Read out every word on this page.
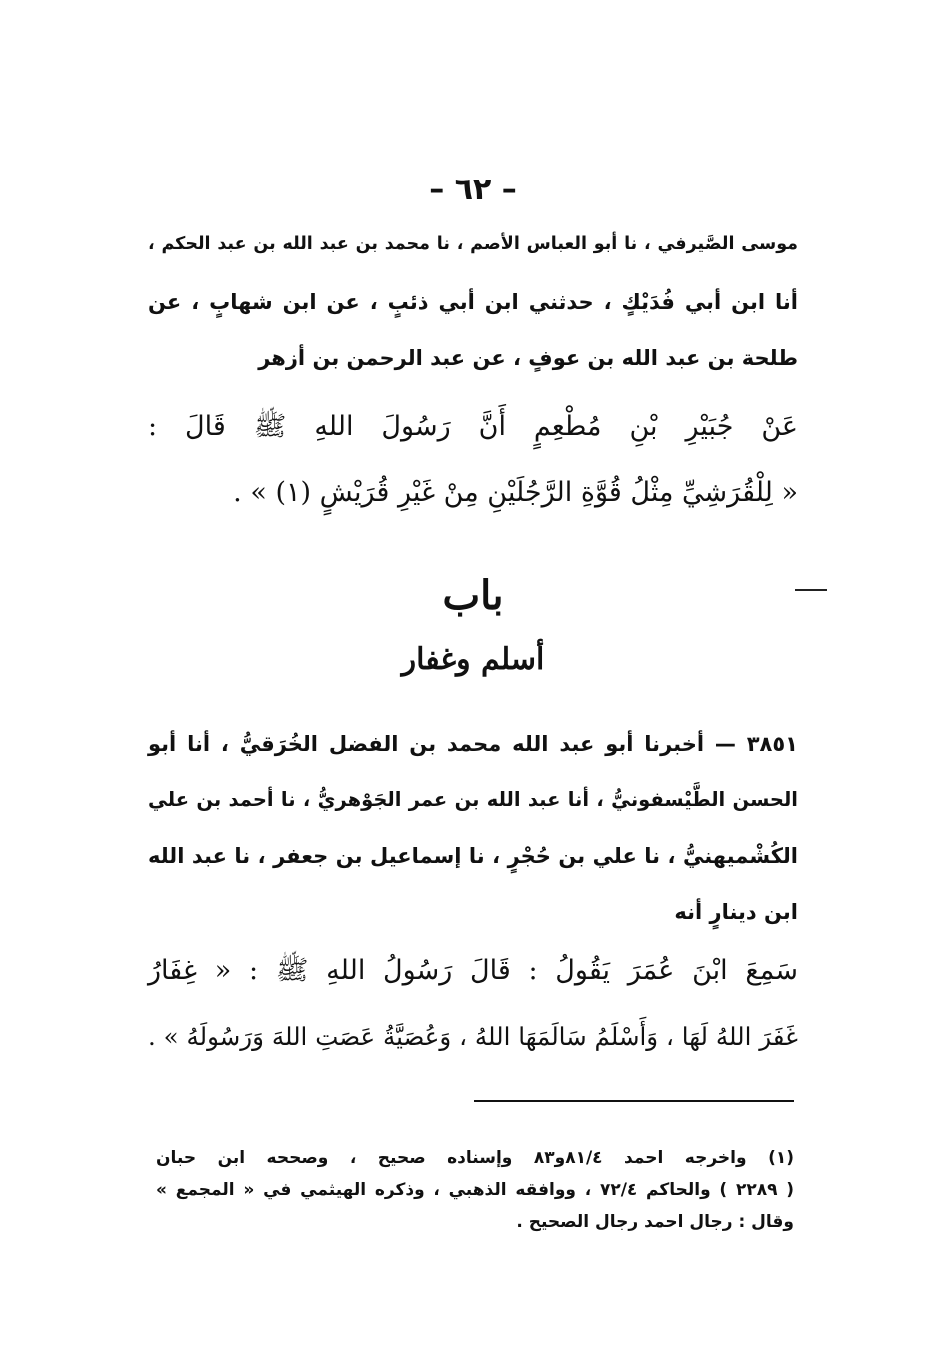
– ٦٢ –
موسى الصَّيرفي ، نا أبو العباس الأصم ، نا محمد بن عبد الله بن عبد الحكم ،
أنا ابن أبي فُدَيْكٍ ، حدثني ابن أبي ذئبٍ ، عن ابن شهابٍ ، عن
طلحة بن عبد الله بن عوفٍ ، عن عبد الرحمن بن أزهر
عَنْ جُبَيْرِ بْنِ مُطْعِمٍ أَنَّ رَسُولَ اللهِ ﷺ قَالَ :
« لِلْقُرَشِيِّ مِثْلُ قُوَّةِ الرَّجُلَيْنِ مِنْ غَيْرِ قُرَيْشٍ (١) » .
باب
أسلم وغفار
٣٨٥١ — أخبرنا أبو عبد الله محمد بن الفضل الخُرَقيُّ ، أنا أبو
الحسن الطَّيْسفونيُّ ، أنا عبد الله بن عمر الجَوْهريُّ ، نا أحمد بن علي
الكُشْميهنيُّ ، نا علي بن حُجْرٍ ، نا إسماعيل بن جعفر ، نا عبد الله
ابن دينارٍ أنه
سَمِعَ ابْنَ عُمَرَ يَقُولُ : قَالَ رَسُولُ اللهِ ﷺ : « غِفَارُ
غَفَرَ اللهُ لَهَا ، وَأَسْلَمُ سَالَمَهَا اللهُ ، وَعُصَيَّةُ عَصَتِ اللهَ وَرَسُولَهُ » .
(١) واخرجه احمد ٨١/٤و٨٣ وإسناده صحيح ، وصححه ابن حبان
( ٢٢٨٩ ) والحاكم ٧٢/٤ ، ووافقه الذهبي ، وذكره الهيثمي في « المجمع »
وقال : رجال احمد رجال الصحيح .
